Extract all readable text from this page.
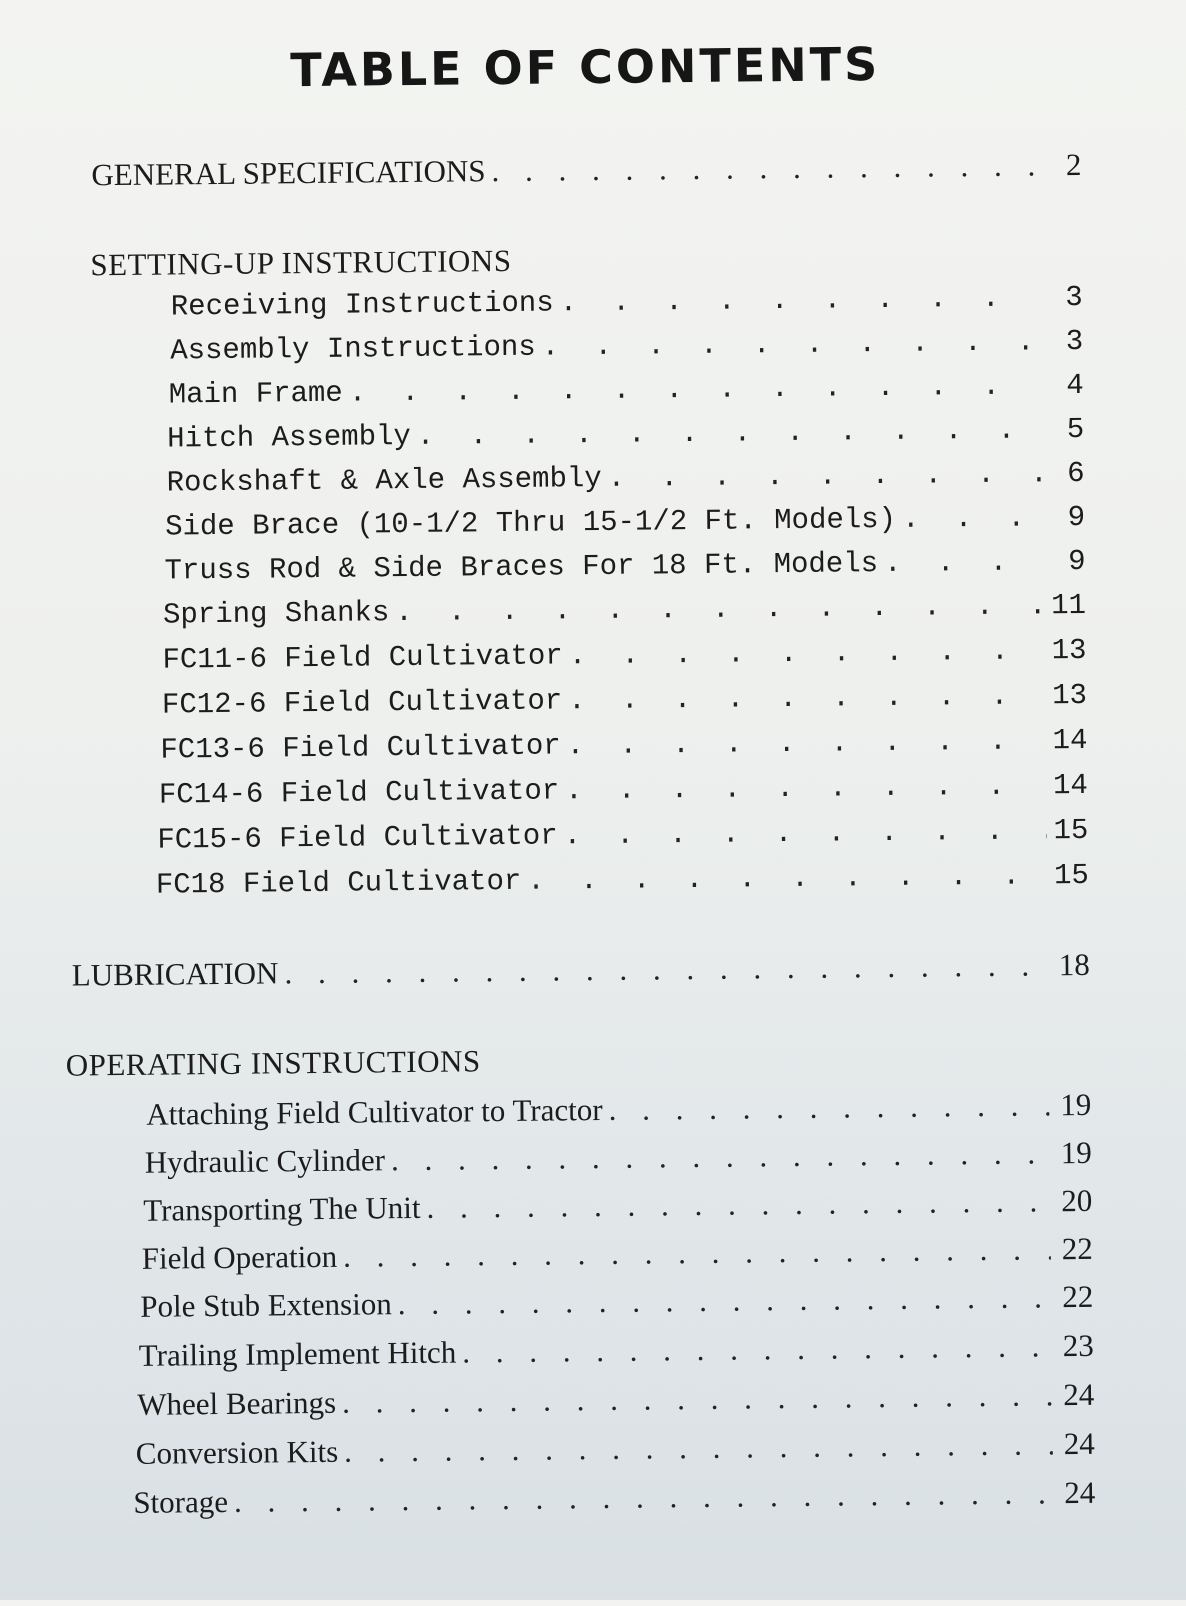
TABLE OF CONTENTS
GENERAL SPECIFICATIONS . . .	2
SETTING-UP INSTRUCTIONS
Receiving Instructions . . .	3
Assembly Instructions . . .	3
Main Frame . . .	4
Hitch Assembly . . .	5
Rockshaft & Axle Assembly . . .	6
Side Brace (10-1/2 Thru 15-1/2 Ft. Models) . . .	9
Truss Rod & Side Braces For 18 Ft. Models . . .	9
Spring Shanks . . .	11
FC11-6 Field Cultivator . . .	13
FC12-6 Field Cultivator . . .	13
FC13-6 Field Cultivator . . .	14
FC14-6 Field Cultivator . . .	14
FC15-6 Field Cultivator . . .	15
FC18 Field Cultivator . . .	15
LUBRICATION . . .	18
OPERATING INSTRUCTIONS
Attaching Field Cultivator to Tractor . . .	19
Hydraulic Cylinder . . .	19
Transporting The Unit . . .	20
Field Operation . . .	22
Pole Stub Extension . . .	22
Trailing Implement Hitch . . .	23
Wheel Bearings . . .	24
Conversion Kits . . .	24
Storage . . .	24
